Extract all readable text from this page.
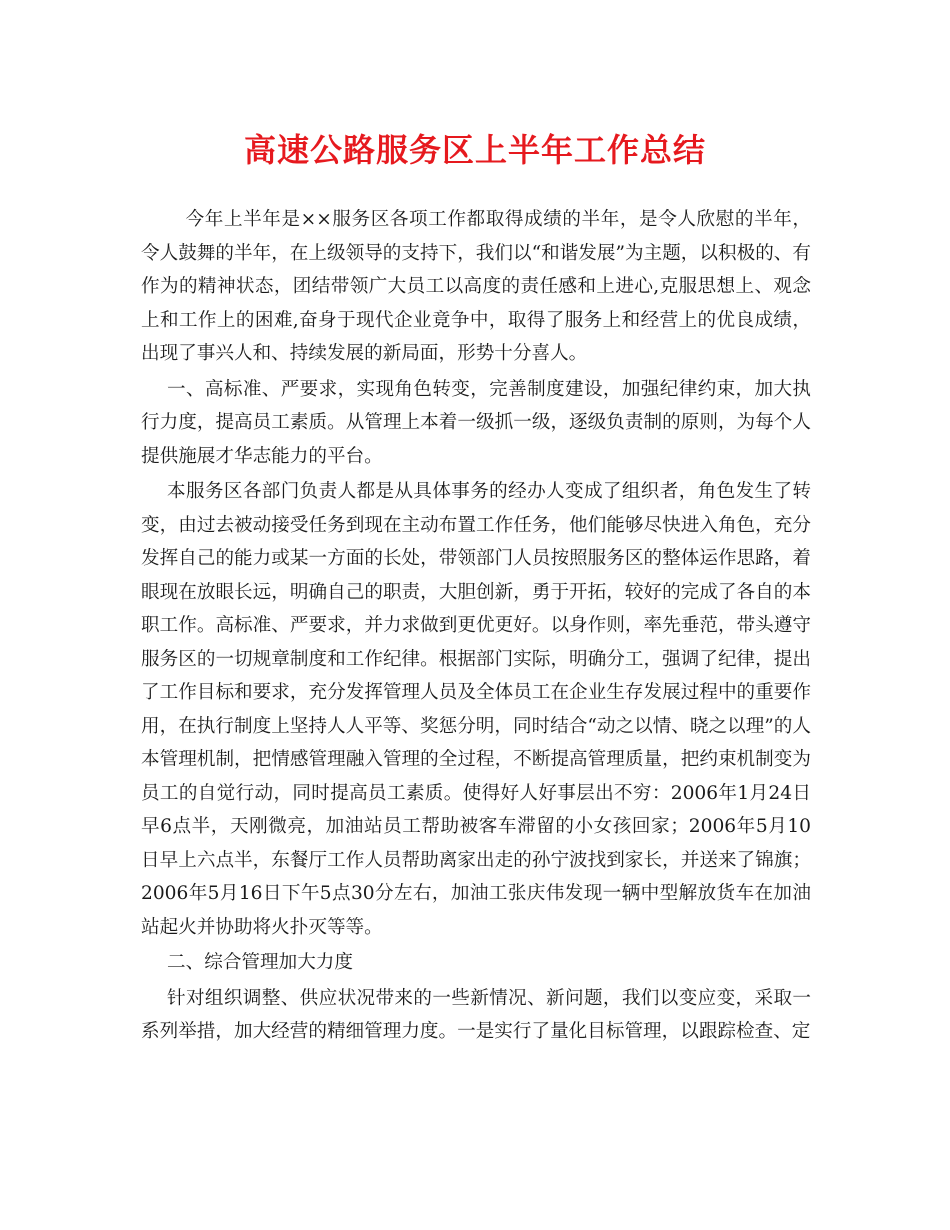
高速公路服务区上半年工作总结

今年上半年是××服务区各项工作都取得成绩的半年，是令人欣慰的半年，令人鼓舞的半年，在上级领导的支持下，我们以“和谐发展”为主题，以积极的、有作为的精神状态，团结带领广大员工以高度的责任感和上进心,克服思想上、观念上和工作上的困难,奋身于现代企业竟争中，取得了服务上和经营上的优良成绩，出现了事兴人和、持续发展的新局面，形势十分喜人。

一、高标准、严要求，实现角色转变，完善制度建设，加强纪律约束，加大执行力度，提高员工素质。从管理上本着一级抓一级，逐级负责制的原则，为每个人提供施展才华志能力的平台。

本服务区各部门负责人都是从具体事务的经办人变成了组织者，角色发生了转变，由过去被动接受任务到现在主动布置工作任务，他们能够尽快进入角色，充分发挥自己的能力或某一方面的长处，带领部门人员按照服务区的整体运作思路，着眼现在放眼长远，明确自己的职责，大胆创新，勇于开拓，较好的完成了各自的本职工作。高标准、严要求，并力求做到更优更好。以身作则，率先垂范，带头遵守服务区的一切规章制度和工作纪律。根据部门实际，明确分工，强调了纪律，提出了工作目标和要求，充分发挥管理人员及全体员工在企业生存发展过程中的重要作用，在执行制度上坚持人人平等、奖惩分明，同时结合“动之以情、晓之以理”的人本管理机制，把情感管理融入管理的全过程，不断提高管理质量，把约束机制变为员工的自觉行动，同时提高员工素质。使得好人好事层出不穷：2006年1月24日早6点半，天刚微亮，加油站员工帮助被客车滞留的小女孩回家；2006年5月10日早上六点半，东餐厅工作人员帮助离家出走的孙宁波找到家长，并送来了锦旗；2006年5月16日下午5点30分左右，加油工张庆伟发现一辆中型解放货车在加油站起火并协助将火扑灭等等。

二、综合管理加大力度

针对组织调整、供应状况带来的一些新情况、新问题，我们以变应变，采取一系列举措，加大经营的精细管理力度。一是实行了量化目标管理，以跟踪检查、定
